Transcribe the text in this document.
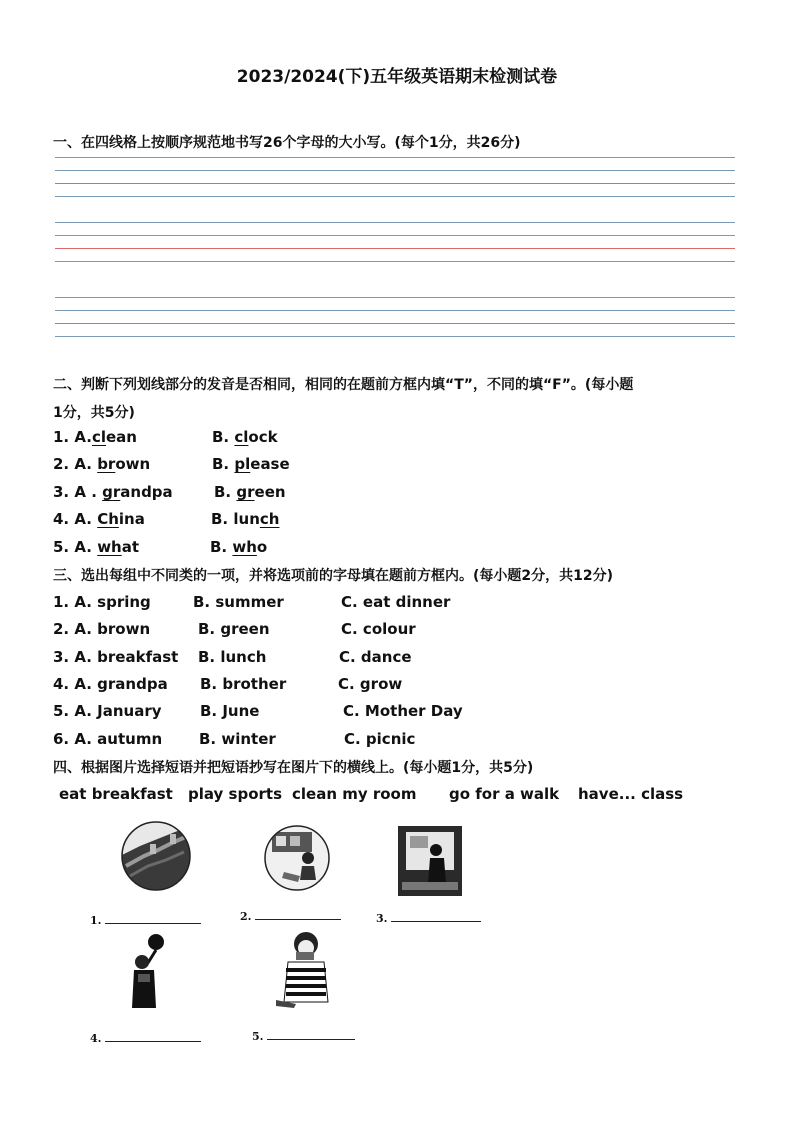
2023/2024(下)五年级英语期末检测试卷
一、在四线格上按顺序规范地书写26个字母的大小写。(每个1分，共26分)
二、判断下列划线部分的发音是否相同，相同的在题前方框内填“T”，不同的填“F”。(每小题
1分，共5分)
1. A.clean	B. clock
2. A. brown	B. please
3. A . grandpa	B. green
4. A. China	B. lunch
5. A. what	B. who
三、选出每组中不同类的一项，并将选项前的字母填在题前方框内。(每小题2分，共12分)
1. A. spring	B. summer	C. eat dinner
2. A. brown	B. green	C. colour
3. A. breakfast B. lunch	C. dance
4. A. grandpa B. brother	C. grow
5. A. January	B. June	C. Mother Day
6. A. autumn B. winter	C. picnic
四、根据图片选择短语并把短语抄写在图片下的横线上。(每小题1分，共5分)
eat breakfast play sports clean my room go for a walk have... class
1.	2.	3.
4.	5.
